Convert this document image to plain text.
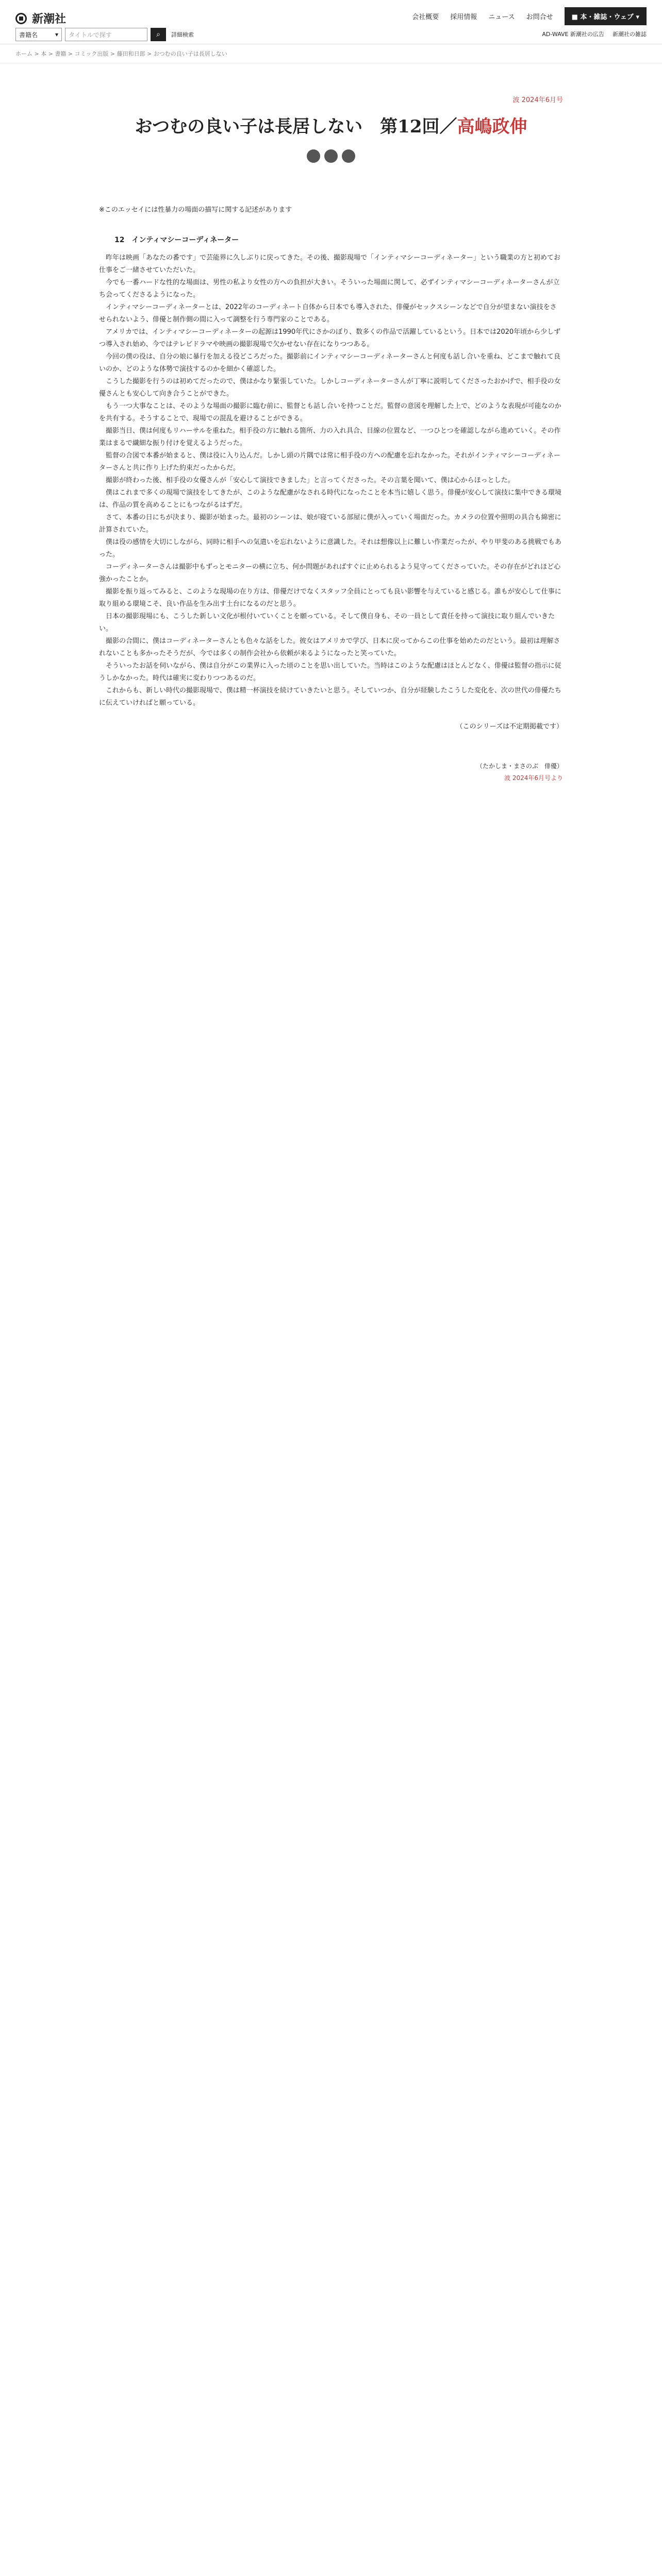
新潮社
書籍名	▾	タイトルで探す	⌕ 詳細検索
会社概要 採用情報 ニュース お問合せ	■ 本・雑誌・ウェブ ▾
AD-WAVE 新潮社の広告 新潮社の雑誌
ホーム > 本 > 書籍 > コミック出版 > 藤田和日郎 > おつむの良い子は長居しない
波 2024年6月号
おつむの良い子は長居しない　第12回／高嶋政伸
※このエッセイには性暴力の場面の描写に関する記述があります
12　インティマシーコーディネーター

昨年は映画「あなたの番です」で芸能界に久しぶりに戻ってきた。その後、撮影現場で「インティマシーコーディネーター」という職業の方と初めてお仕事をご一緒させていただいた。

今でも一番ハードな性的な場面は、男性の私より女性の方への負担が大きい。そういった場面に関して、必ずインティマシーコーディネーターさんが立ち会ってくださるようになった。

インティマシーコーディネーターとは、2022年のコーディネート自体から日本でも導入された、俳優がセックスシーンなどで自分が望まない演技をさせられないよう、俳優と制作側の間に入って調整を行う専門家のことである。

アメリカでは、インティマシーコーディネーターの起源は1990年代にさかのぼり、数多くの作品で活躍しているという。日本では2020年頃から少しずつ導入され始め、今ではテレビドラマや映画の撮影現場で欠かせない存在になりつつある。

今回の僕の役は、自分の娘に暴行を加える役どころだった。撮影前にインティマシーコーディネーターさんと何度も話し合いを重ね、どこまで触れて良いのか、どのような体勢で演技するのかを細かく確認した。

こうした撮影を行うのは初めてだったので、僕はかなり緊張していた。しかしコーディネーターさんが丁寧に説明してくださったおかげで、相手役の女優さんとも安心して向き合うことができた。

もう一つ大事なことは、そのような場面の撮影に臨む前に、監督とも話し合いを持つことだ。監督の意図を理解した上で、どのような表現が可能なのかを共有する。そうすることで、現場での混乱を避けることができる。

撮影当日、僕は何度もリハーサルを重ねた。相手役の方に触れる箇所、力の入れ具合、目線の位置など、一つひとつを確認しながら進めていく。その作業はまるで繊細な振り付けを覚えるようだった。

監督の合図で本番が始まると、僕は役に入り込んだ。しかし頭の片隅では常に相手役の方への配慮を忘れなかった。それがインティマシーコーディネーターさんと共に作り上げた約束だったからだ。

撮影が終わった後、相手役の女優さんが「安心して演技できました」と言ってくださった。その言葉を聞いて、僕は心からほっとした。

僕はこれまで多くの現場で演技をしてきたが、このような配慮がなされる時代になったことを本当に嬉しく思う。俳優が安心して演技に集中できる環境は、作品の質を高めることにもつながるはずだ。

さて、本番の日にちが決まり、撮影が始まった。最初のシーンは、娘が寝ている部屋に僕が入っていく場面だった。カメラの位置や照明の具合も綿密に計算されていた。

僕は役の感情を大切にしながら、同時に相手への気遣いを忘れないように意識した。それは想像以上に難しい作業だったが、やり甲斐のある挑戦でもあった。

コーディネーターさんは撮影中もずっとモニターの横に立ち、何か問題があればすぐに止められるよう見守ってくださっていた。その存在がどれほど心強かったことか。

撮影を振り返ってみると、このような現場の在り方は、俳優だけでなくスタッフ全員にとっても良い影響を与えていると感じる。誰もが安心して仕事に取り組める環境こそ、良い作品を生み出す土台になるのだと思う。

日本の撮影現場にも、こうした新しい文化が根付いていくことを願っている。そして僕自身も、その一員として責任を持って演技に取り組んでいきたい。

撮影の合間に、僕はコーディネーターさんとも色々な話をした。彼女はアメリカで学び、日本に戻ってからこの仕事を始めたのだという。最初は理解されないことも多かったそうだが、今では多くの制作会社から依頼が来るようになったと笑っていた。

そういったお話を伺いながら、僕は自分がこの業界に入った頃のことを思い出していた。当時はこのような配慮はほとんどなく、俳優は監督の指示に従うしかなかった。時代は確実に変わりつつあるのだ。

これからも、新しい時代の撮影現場で、僕は精一杯演技を続けていきたいと思う。そしていつか、自分が経験したこうした変化を、次の世代の俳優たちに伝えていければと願っている。

（このシリーズは不定期掲載です）
（たかしま・まさのぶ　俳優）
波 2024年6月号より
